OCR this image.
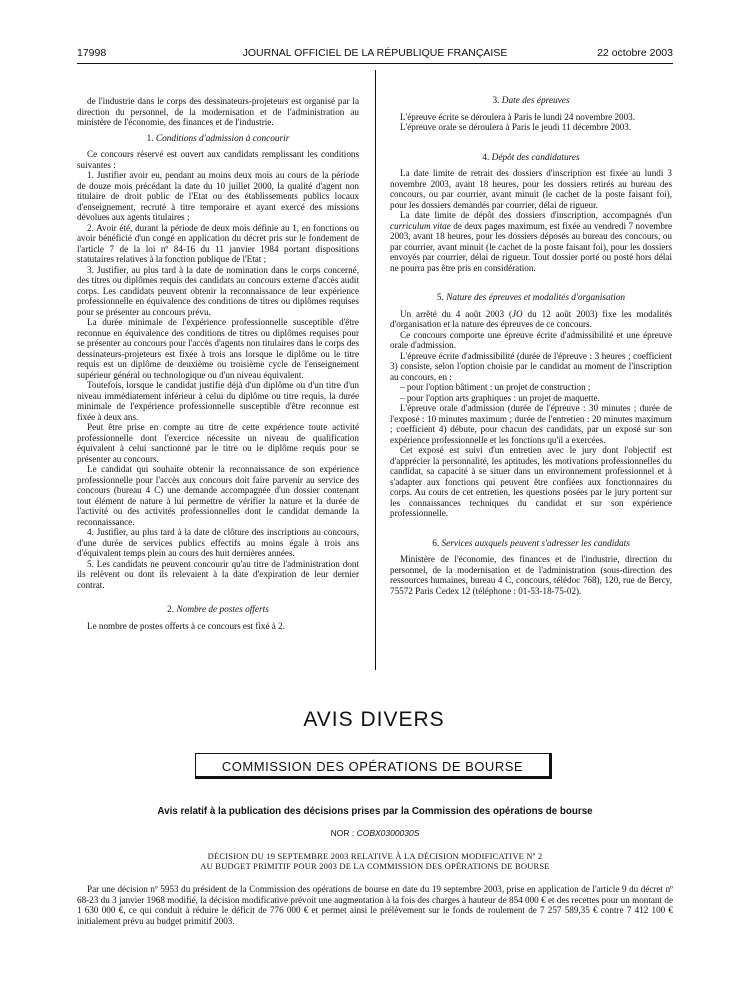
17998	JOURNAL OFFICIEL DE LA RÉPUBLIQUE FRANÇAISE	22 octobre 2003

de l'industrie dans le corps des dessinateurs-projeteurs est organisé par la direction du personnel, de la modernisation et de l'administration au ministère de l'économie, des finances et de l'industrie.

1. Conditions d'admission à concourir

Ce concours réservé est ouvert aux candidats remplissant les conditions suivantes :

1. Justifier avoir eu, pendant au moins deux mois au cours de la période de douze mois précédant la date du 10 juillet 2000, la qualité d'agent non titulaire de droit public de l'Etat ou des établissements publics locaux d'enseignement, recruté à titre temporaire et ayant exercé des missions dévolues aux agents titulaires ;

2. Avoir été, durant la période de deux mois définie au 1, en fonctions ou avoir bénéficié d'un congé en application du décret pris sur le fondement de l'article 7 de la loi nº 84-16 du 11 janvier 1984 portant dispositions statutaires relatives à la fonction publique de l'Etat ;

3. Justifier, au plus tard à la date de nomination dans le corps concerné, des titres ou diplômes requis des candidats au concours externe d'accès audit corps. Les candidats peuvent obtenir la reconnaissance de leur expérience professionnelle en équivalence des conditions de titres ou diplômes requises pour se présenter au concours prévu.

La durée minimale de l'expérience professionnelle susceptible d'être reconnue en équivalence des conditions de titres ou diplômes requises pour se présenter au concours pour l'accès d'agents non titulaires dans le corps des dessinateurs-projeteurs est fixée à trois ans lorsque le diplôme ou le titre requis est un diplôme de deuxième ou troisième cycle de l'enseignement supérieur général ou technologique ou d'un niveau équivalent.

Toutefois, lorsque le candidat justifie déjà d'un diplôme ou d'un titre d'un niveau immédiatement inférieur à celui du diplôme ou titre requis, la durée minimale de l'expérience professionnelle susceptible d'être reconnue est fixée à deux ans.

Peut être prise en compte au titre de cette expérience toute activité professionnelle dont l'exercice nécessite un niveau de qualification équivalent à celui sanctionné par le titre ou le diplôme requis pour se présenter au concours.

Le candidat qui souhaite obtenir la reconnaissance de son expérience professionnelle pour l'accès aux concours doit faire parvenir au service des concours (bureau 4 C) une demande accompagnée d'un dossier contenant tout élément de nature à lui permettre de vérifier la nature et la durée de l'activité ou des activités professionnelles dont le candidat demande la reconnaissance.

4. Justifier, au plus tard à la date de clôture des inscriptions au concours, d'une durée de services publics effectifs au moins égale à trois ans d'équivalent temps plein au cours des huit dernières années.

5. Les candidats ne peuvent concourir qu'au titre de l'administration dont ils relèvent ou dont ils relevaient à la date d'expiration de leur dernier contrat.

2. Nombre de postes offerts

Le nombre de postes offerts à ce concours est fixé à 2.

3. Date des épreuves

L'épreuve écrite se déroulera à Paris le lundi 24 novembre 2003.

L'épreuve orale se déroulera à Paris le jeudi 11 décembre 2003.

4. Dépôt des candidatures

La date limite de retrait des dossiers d'inscription est fixée au lundi 3 novembre 2003, avant 18 heures, pour les dossiers retirés au bureau des concours, ou par courrier, avant minuit (le cachet de la poste faisant foi), pour les dossiers demandés par courrier, délai de rigueur.

La date limite de dépôt des dossiers d'inscription, accompagnés d'un curriculum vitae de deux pages maximum, est fixée au vendredi 7 novembre 2003, avant 18 heures, pour les dossiers déposés au bureau des concours, ou par courrier, avant minuit (le cachet de la poste faisant foi), pour les dossiers envoyés par courrier, délai de rigueur. Tout dossier porté ou posté hors délai ne pourra pas être pris en considération.

5. Nature des épreuves et modalités d'organisation

Un arrêté du 4 août 2003 (JO du 12 août 2003) fixe les modalités d'organisation et la nature des épreuves de ce concours.

Ce concours comporte une épreuve écrite d'admissibilité et une épreuve orale d'admission.

L'épreuve écrite d'admissibilité (durée de l'épreuve : 3 heures ; coefficient 3) consiste, selon l'option choisie par le candidat au moment de l'inscription au concours, en :

– pour l'option bâtiment : un projet de construction ;

– pour l'option arts graphiques : un projet de maquette.

L'épreuve orale d'admission (durée de l'épreuve : 30 minutes ; durée de l'exposé : 10 minutes maximum ; durée de l'entretien : 20 minutes maximum ; coefficient 4) débute, pour chacun des candidats, par un exposé sur son expérience professionnelle et les fonctions qu'il a exercées.

Cet exposé est suivi d'un entretien avec le jury dont l'objectif est d'apprécier la personnalité, les aptitudes, les motivations professionnelles du candidat, sa capacité à se situer dans un environnement professionnel et à s'adapter aux fonctions qui peuvent être confiées aux fonctionnaires du corps. Au cours de cet entretien, les questions posées par le jury portent sur les connaissances techniques du candidat et sur son expérience professionnelle.

6. Services auxquels peuvent s'adresser les candidats

Ministère de l'économie, des finances et de l'industrie, direction du personnel, de la modernisation et de l'administration (sous-direction des ressources humaines, bureau 4 C, concours, télédoc 768), 120, rue de Bercy, 75572 Paris Cedex 12 (téléphone : 01-53-18-75-02).

AVIS DIVERS
COMMISSION DES OPÉRATIONS DE BOURSE
Avis relatif à la publication des décisions prises par la Commission des opérations de bourse
NOR : COBX0300030S
DÉCISION DU 19 SEPTEMBRE 2003 RELATIVE À LA DÉCISION MODIFICATIVE Nº 2
AU BUDGET PRIMITIF POUR 2003 DE LA COMMISSION DES OPÉRATIONS DE BOURSE

Par une décision nº 5953 du président de la Commission des opérations de bourse en date du 19 septembre 2003, prise en application de l'article 9 du décret nº 68-23 du 3 janvier 1968 modifié, la décision modificative prévoit une augmentation à la fois des charges à hauteur de 854 000 € et des recettes pour un montant de 1 630 000 €, ce qui conduit à réduire le déficit de 776 000 € et permet ainsi le prélèvement sur le fonds de roulement de 7 257 589,35 € contre 7 412 100 € initialement prévu au budget primitif 2003.
